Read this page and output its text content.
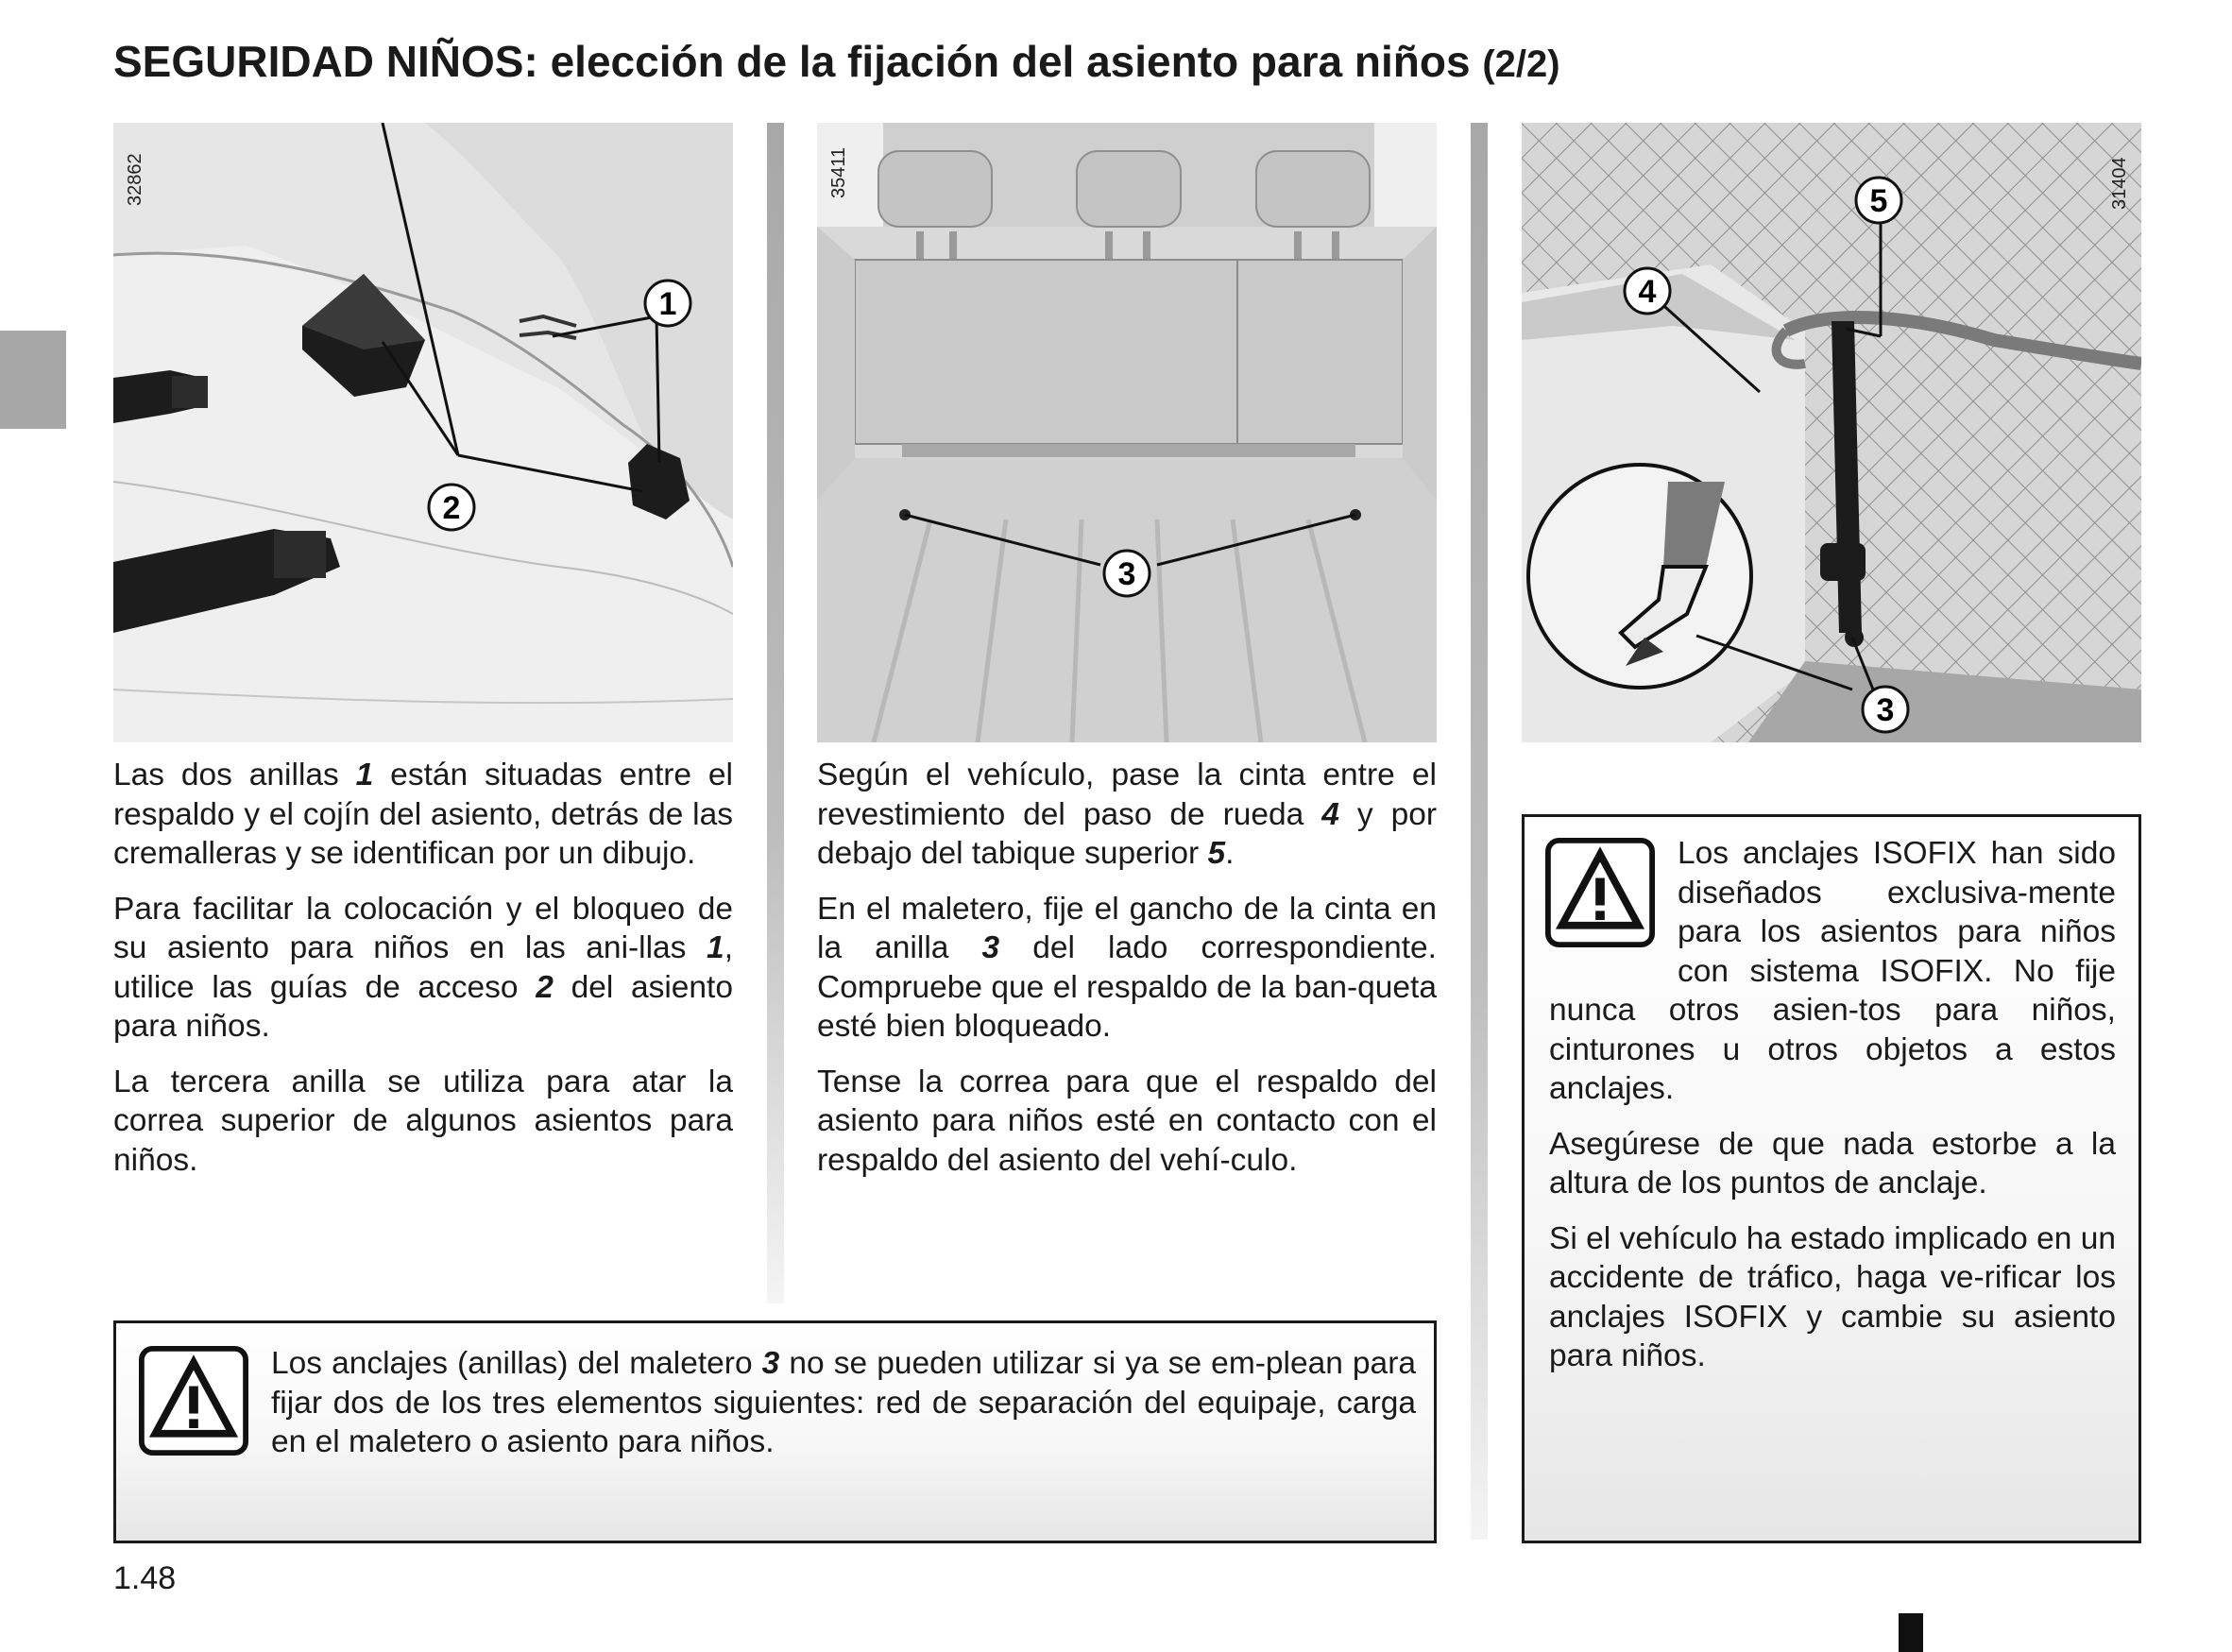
SEGURIDAD NIÑOS: elección de la fijación del asiento para niños (2/2)
1
2
32862
3
35411
5
4
3
31404

Las dos anillas 1 están situadas entre el respaldo y el cojín del asiento, detrás de las cremalleras y se identifican por un dibujo.

Para facilitar la colocación y el bloqueo de su asiento para niños en las ani-llas 1, utilice las guías de acceso 2 del asiento para niños.

La tercera anilla se utiliza para atar la correa superior de algunos asientos para niños.

Según el vehículo, pase la cinta entre el revestimiento del paso de rueda 4 y por debajo del tabique superior 5.

En el maletero, fije el gancho de la cinta en la anilla 3 del lado correspondiente. Compruebe que el respaldo de la ban-queta esté bien bloqueado.

Tense la correa para que el respaldo del asiento para niños esté en contacto con el respaldo del asiento del vehí-culo.

Los anclajes (anillas) del maletero 3 no se pueden utilizar si ya se em-plean para fijar dos de los tres elementos siguientes: red de separación del equipaje, carga en el maletero o asiento para niños.

Los anclajes ISOFIX han sido diseñados exclusiva-mente para los asientos para niños con sistema ISOFIX. No fije nunca otros asien-tos para niños, cinturones u otros objetos a estos anclajes.

Asegúrese de que nada estorbe a la altura de los puntos de anclaje.

Si el vehículo ha estado implicado en un accidente de tráfico, haga ve-rificar los anclajes ISOFIX y cambie su asiento para niños.

1.48
